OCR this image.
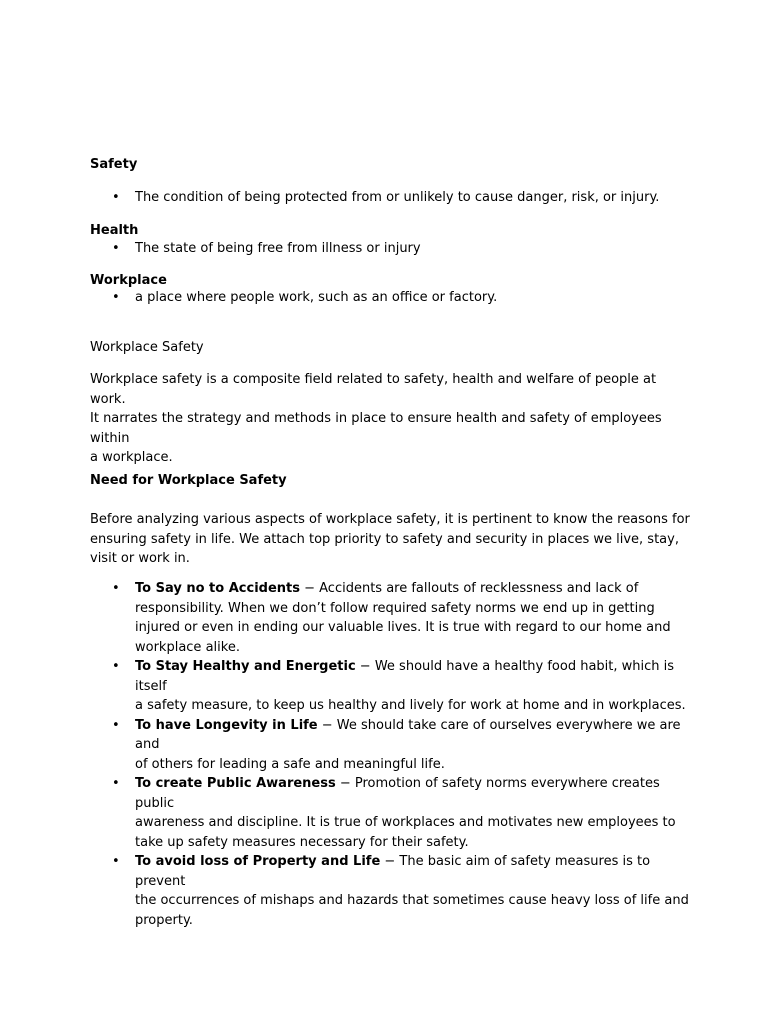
Safety
• The condition of being protected from or unlikely to cause danger, risk, or injury.
Health
• The state of being free from illness or injury
Workplace
• a place where people work, such as an office or factory.
Workplace Safety

Workplace safety is a composite field related to safety, health and welfare of people at work.

It narrates the strategy and methods in place to ensure health and safety of employees within

a workplace.

Need for Workplace Safety

Before analyzing various aspects of workplace safety, it is pertinent to know the reasons for

ensuring safety in life. We attach top priority to safety and security in places we live, stay,

visit or work in.

• To Say no to Accidents − Accidents are fallouts of recklessness and lack of
responsibility. When we don’t follow required safety norms we end up in getting
injured or even in ending our valuable lives. It is true with regard to our home and
workplace alike.
• To Stay Healthy and Energetic − We should have a healthy food habit, which is itself
a safety measure, to keep us healthy and lively for work at home and in workplaces.
• To have Longevity in Life − We should take care of ourselves everywhere we are and
of others for leading a safe and meaningful life.
• To create Public Awareness − Promotion of safety norms everywhere creates public
awareness and discipline. It is true of workplaces and motivates new employees to
take up safety measures necessary for their safety.
• To avoid loss of Property and Life − The basic aim of safety measures is to prevent
the occurrences of mishaps and hazards that sometimes cause heavy loss of life and
property.
